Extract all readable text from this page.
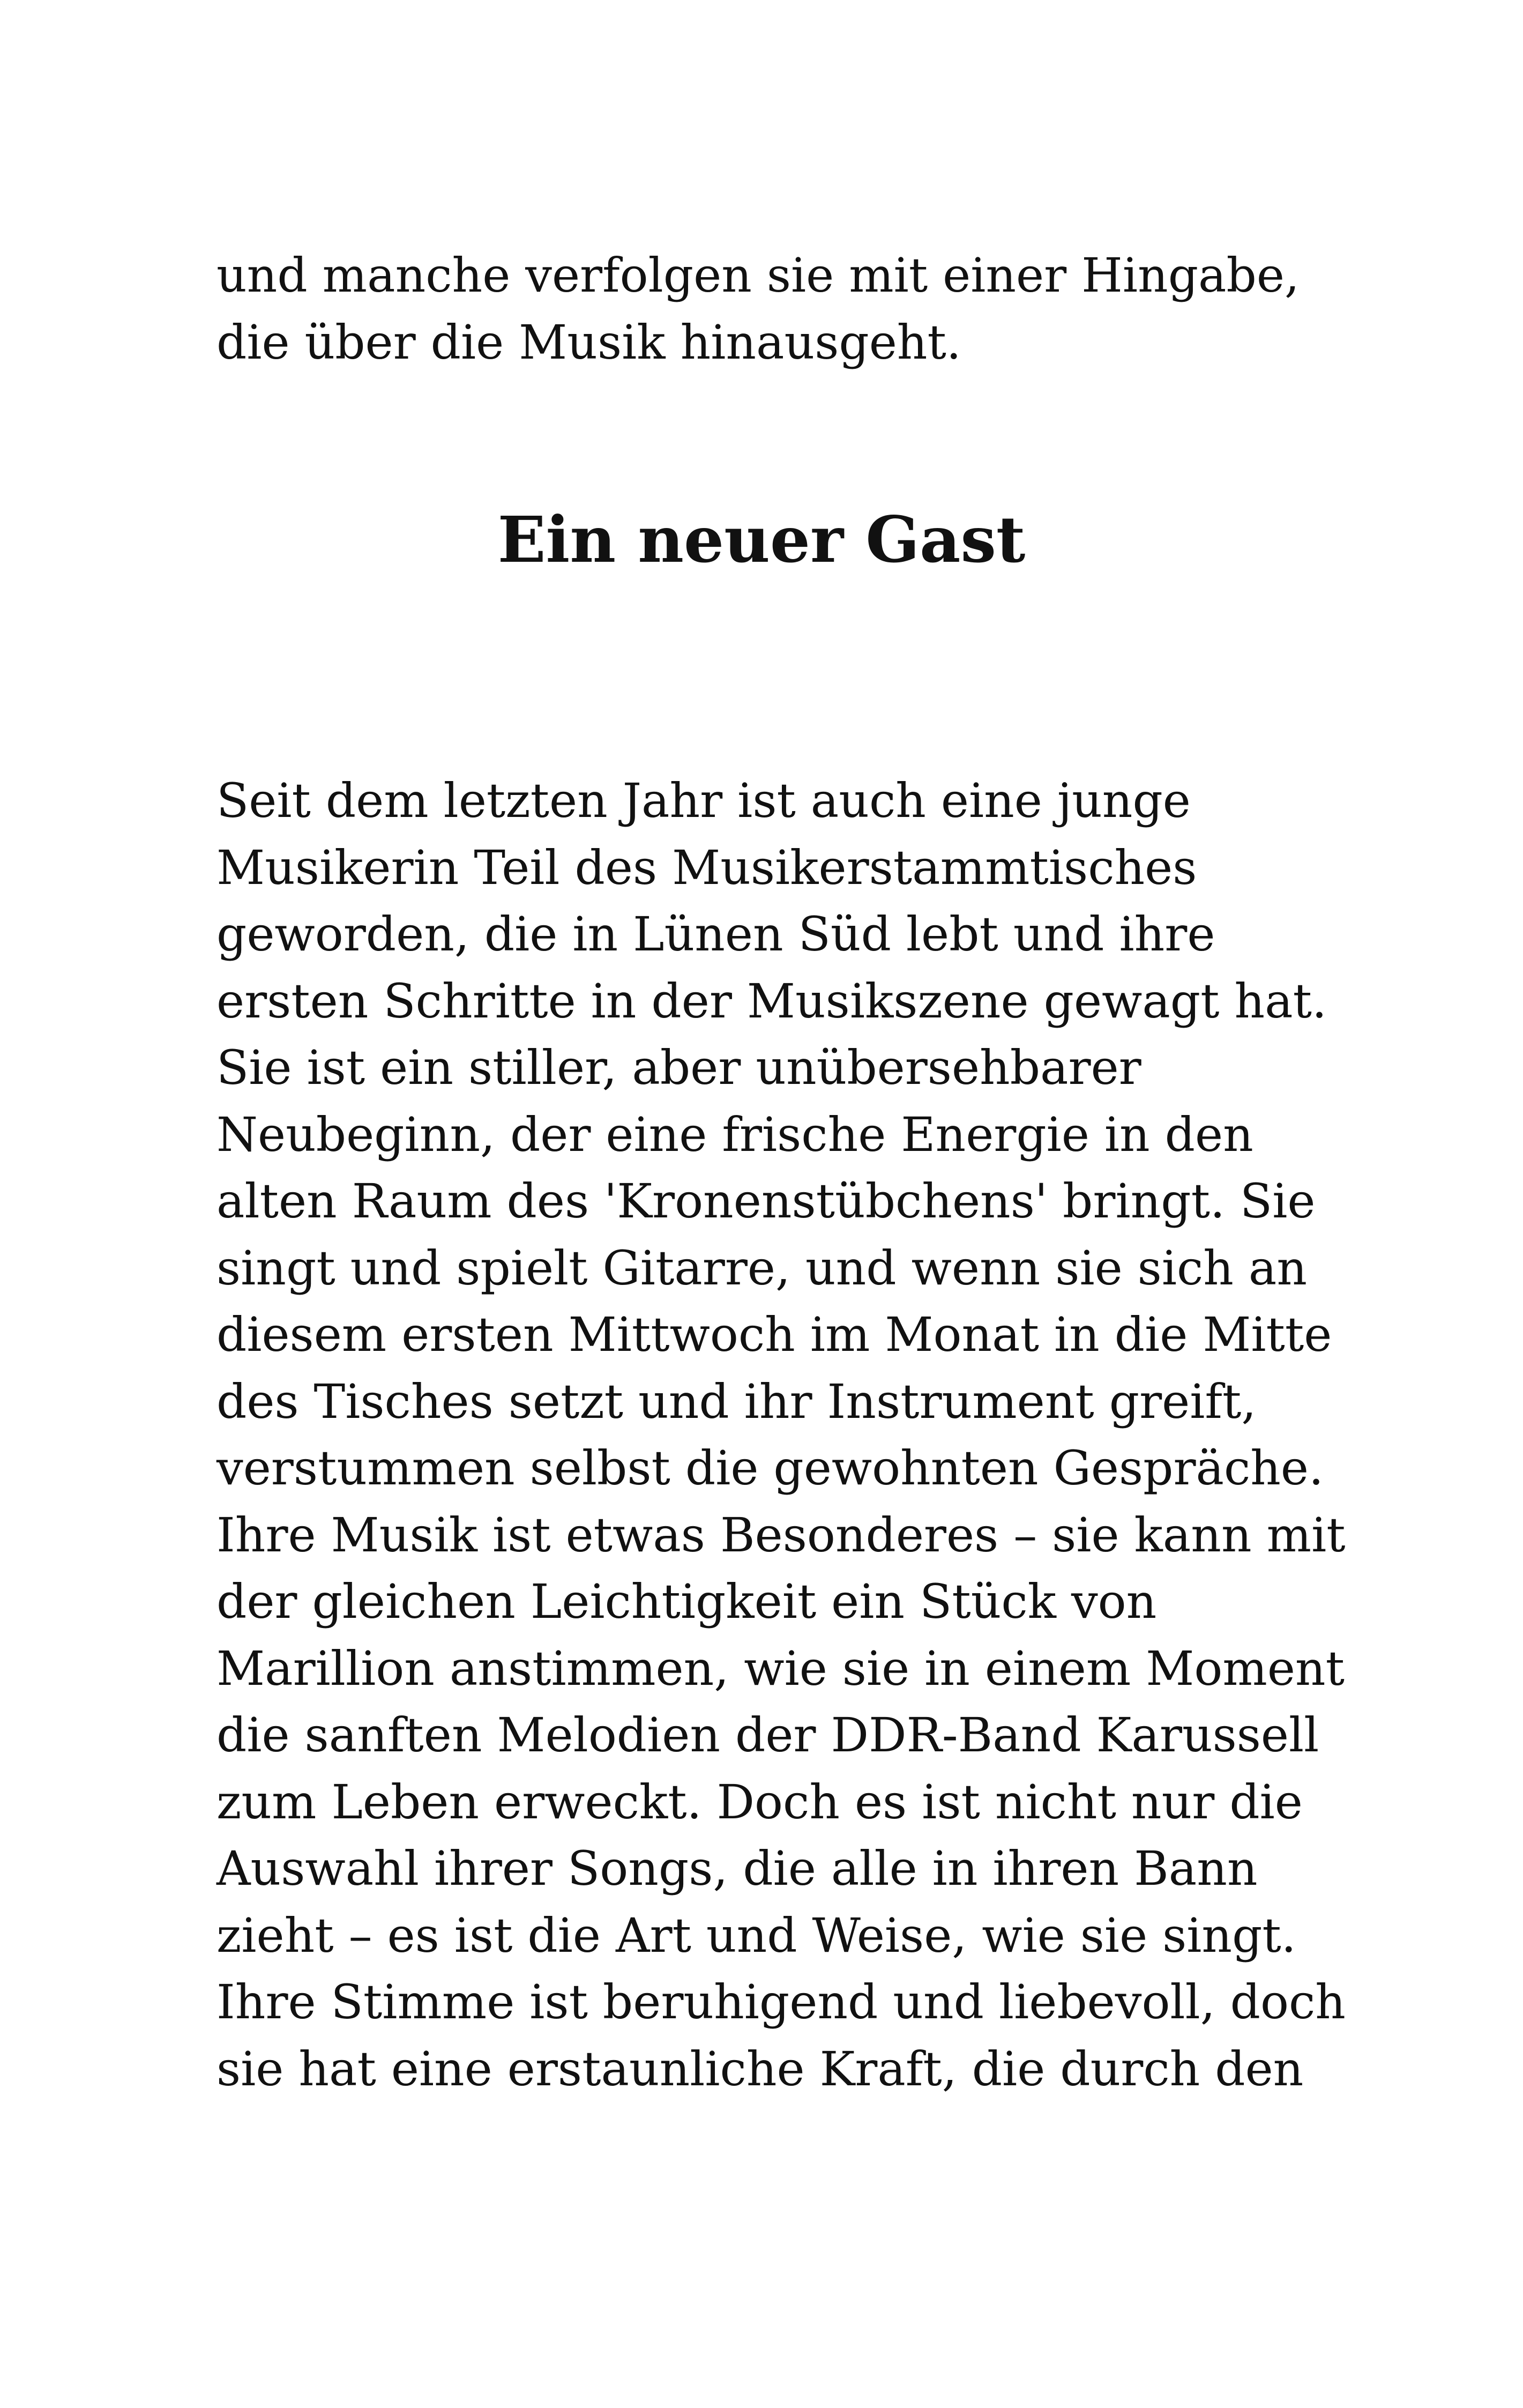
und manche verfolgen sie mit einer Hingabe,
die über die Musik hinausgeht.
Ein neuer Gast
Seit dem letzten Jahr ist auch eine junge
Musikerin Teil des Musikerstammtisches
geworden, die in Lünen Süd lebt und ihre
ersten Schritte in der Musikszene gewagt hat.
Sie ist ein stiller, aber unübersehbarer
Neubeginn, der eine frische Energie in den
alten Raum des 'Kronenstübchens' bringt. Sie
singt und spielt Gitarre, und wenn sie sich an
diesem ersten Mittwoch im Monat in die Mitte
des Tisches setzt und ihr Instrument greift,
verstummen selbst die gewohnten Gespräche.
Ihre Musik ist etwas Besonderes – sie kann mit
der gleichen Leichtigkeit ein Stück von
Marillion anstimmen, wie sie in einem Moment
die sanften Melodien der DDR-Band Karussell
zum Leben erweckt. Doch es ist nicht nur die
Auswahl ihrer Songs, die alle in ihren Bann
zieht – es ist die Art und Weise, wie sie singt.
Ihre Stimme ist beruhigend und liebevoll, doch
sie hat eine erstaunliche Kraft, die durch den
